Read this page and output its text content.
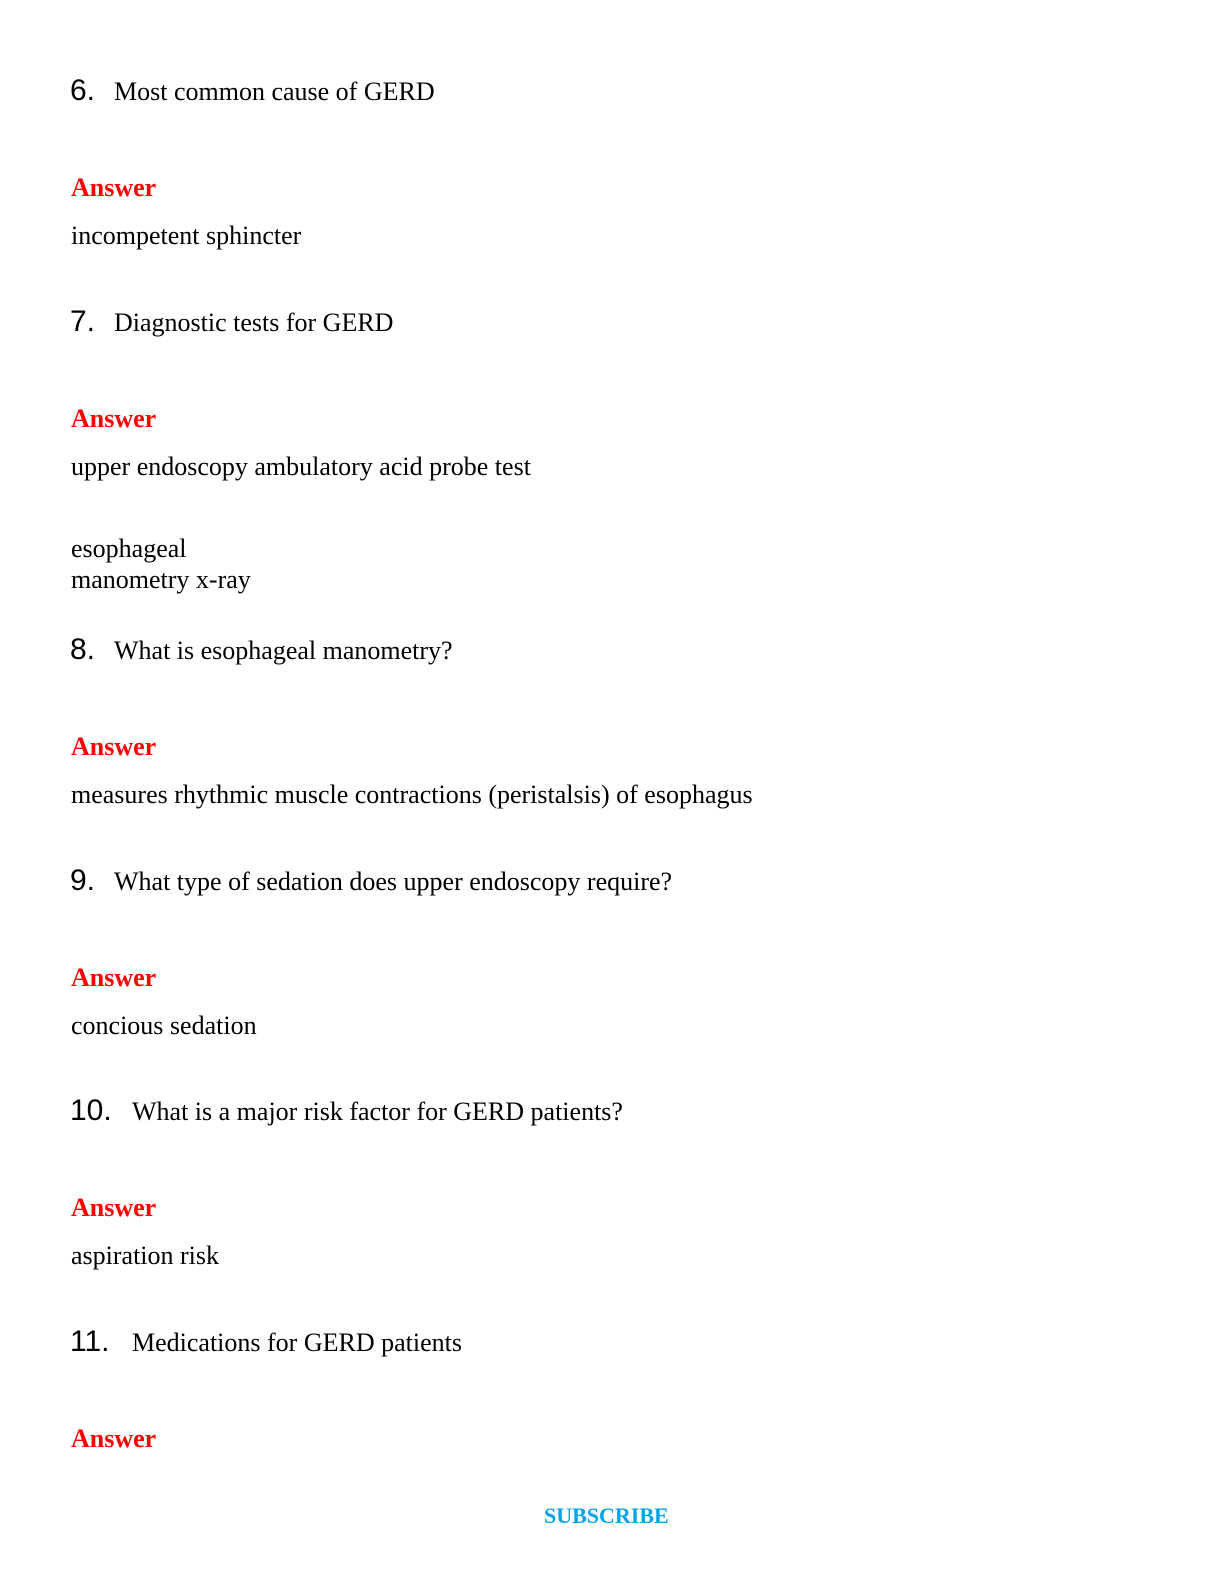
6. Most common cause of GERD
Answer
incompetent sphincter
7. Diagnostic tests for GERD
Answer
upper endoscopy ambulatory acid probe test
esophageal
manometry x-ray
8. What is esophageal manometry?
Answer
measures rhythmic muscle contractions (peristalsis) of esophagus
9. What type of sedation does upper endoscopy require?
Answer
concious sedation
10. What is a major risk factor for GERD patients?
Answer
aspiration risk
11. Medications for GERD patients
Answer
SUBSCRIBE
